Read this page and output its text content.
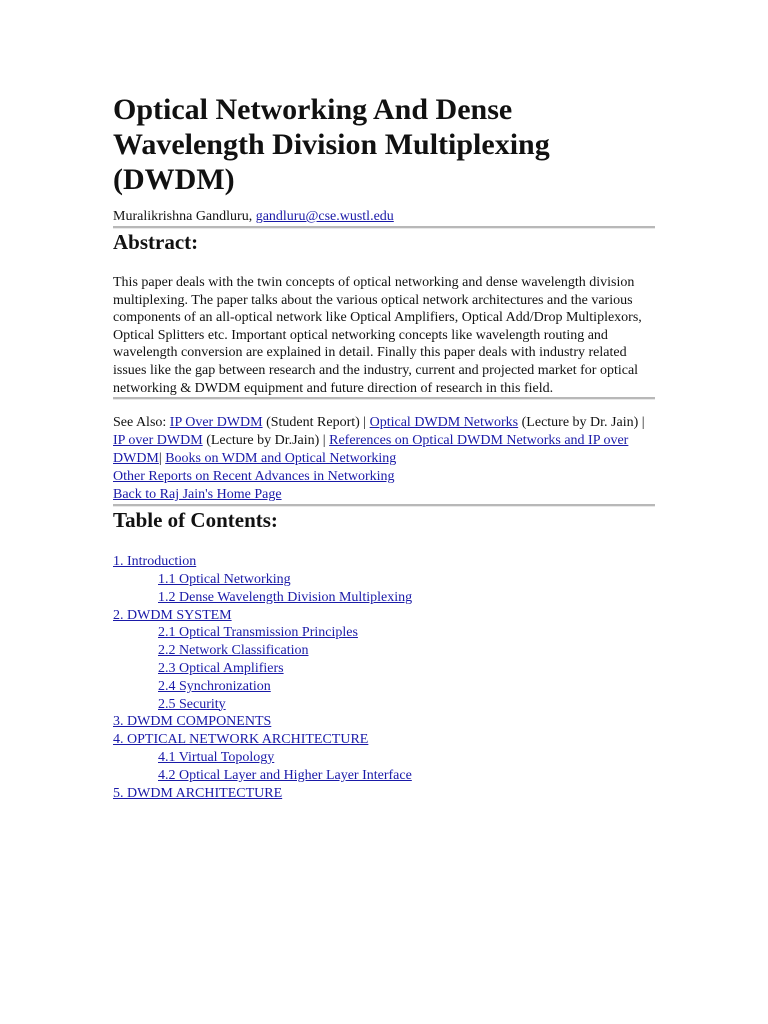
Optical Networking And Dense
Wavelength Division Multiplexing
(DWDM)
Muralikrishna Gandluru, gandluru@cse.wustl.edu
Abstract:

This paper deals with the twin concepts of optical networking and dense wavelength division multiplexing. The paper talks about the various optical network architectures and the various components of an all-optical network like Optical Amplifiers, Optical Add/Drop Multiplexors, Optical Splitters etc. Important optical networking concepts like wavelength routing and wavelength conversion are explained in detail. Finally this paper deals with industry related issues like the gap between research and the industry, current and projected market for optical networking & DWDM equipment and future direction of research in this field.

See Also: IP Over DWDM (Student Report) | Optical DWDM Networks (Lecture by Dr. Jain) | IP over DWDM (Lecture by Dr.Jain) | References on Optical DWDM Networks and IP over DWDM| Books on WDM and Optical Networking
Other Reports on Recent Advances in Networking
Back to Raj Jain's Home Page
Table of Contents:
1. Introduction
1.1 Optical Networking
1.2 Dense Wavelength Division Multiplexing
2. DWDM SYSTEM
2.1 Optical Transmission Principles
2.2 Network Classification
2.3 Optical Amplifiers
2.4 Synchronization
2.5 Security
3. DWDM COMPONENTS
4. OPTICAL NETWORK ARCHITECTURE
4.1 Virtual Topology
4.2 Optical Layer and Higher Layer Interface
5. DWDM ARCHITECTURE
